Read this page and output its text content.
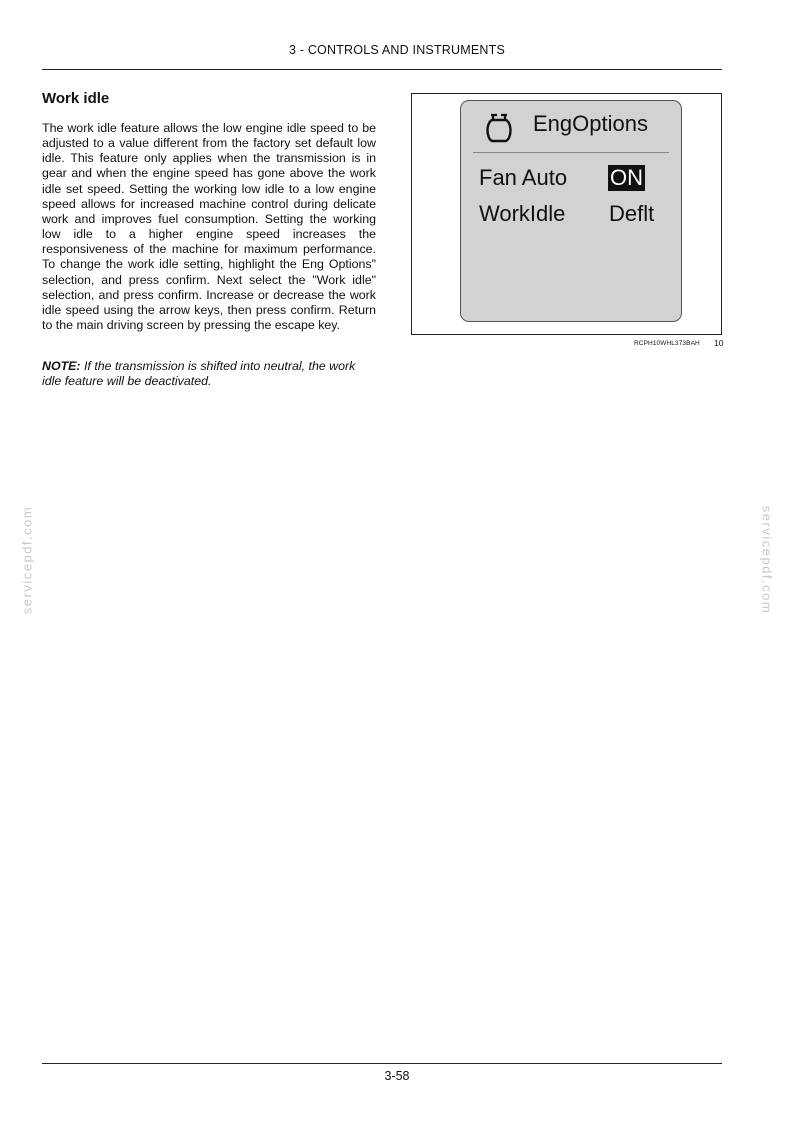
3 - CONTROLS AND INSTRUMENTS
Work idle
The work idle feature allows the low engine idle speed to be adjusted to a value different from the factory set default low idle. This feature only applies when the transmission is in gear and when the engine speed has gone above the work idle set speed. Setting the working low idle to a low engine speed allows for increased machine control during delicate work and improves fuel consumption. Setting the working low idle to a higher engine speed increases the responsiveness of the machine for maximum performance. To change the work idle setting, highlight the Eng Options" selection, and press confirm. Next select the "Work idle" selection, and press confirm. Increase or decrease the work idle speed using the arrow keys, then press confirm. Return to the main driving screen by pressing the escape key.
NOTE: If the transmission is shifted into neutral, the work idle feature will be deactivated.
EngOptions
Fan Auto ON
WorkIdle Deflt
RCPH10WHL373BAH 10
servicepdf.com	servicepdf.com
3-58
